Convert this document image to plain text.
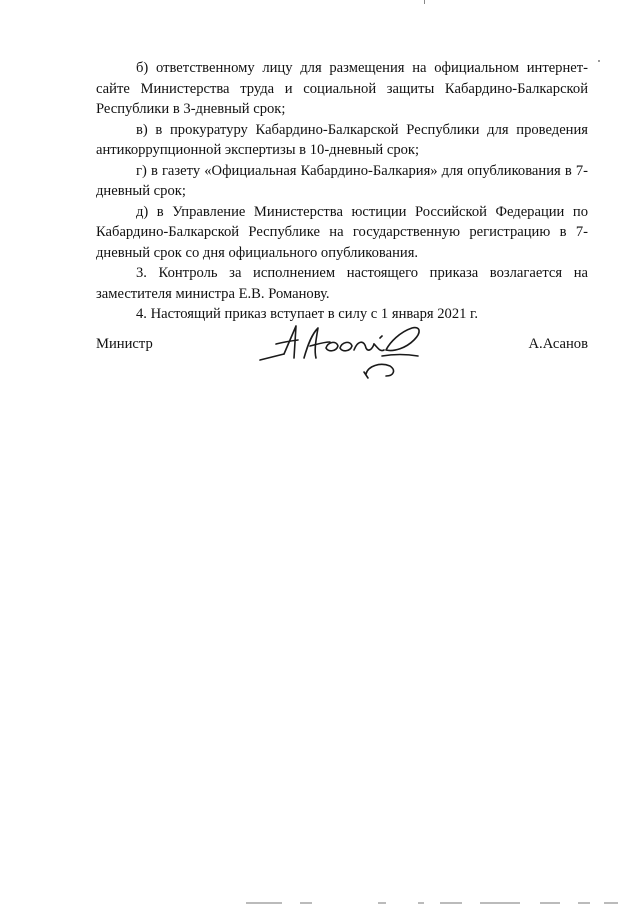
б) ответственному лицу для размещения на официальном интернет-сайте Министерства труда и социальной защиты Кабардино-Балкарской Республики в 3-дневный срок;

в) в прокуратуру Кабардино-Балкарской Республики для проведения антикоррупционной экспертизы в 10-дневный срок;

г) в газету «Официальная Кабардино-Балкария» для опубликования в 7-дневный срок;

д) в Управление Министерства юстиции Российской Федерации по Кабардино-Балкарской Республике на государственную регистрацию в 7-дневный срок со дня официального опубликования.

3. Контроль за исполнением настоящего приказа возлагается на заместителя министра Е.В. Романову.

4. Настоящий приказ вступает в силу с 1 января 2021 г.

Министр	А.Асанов
